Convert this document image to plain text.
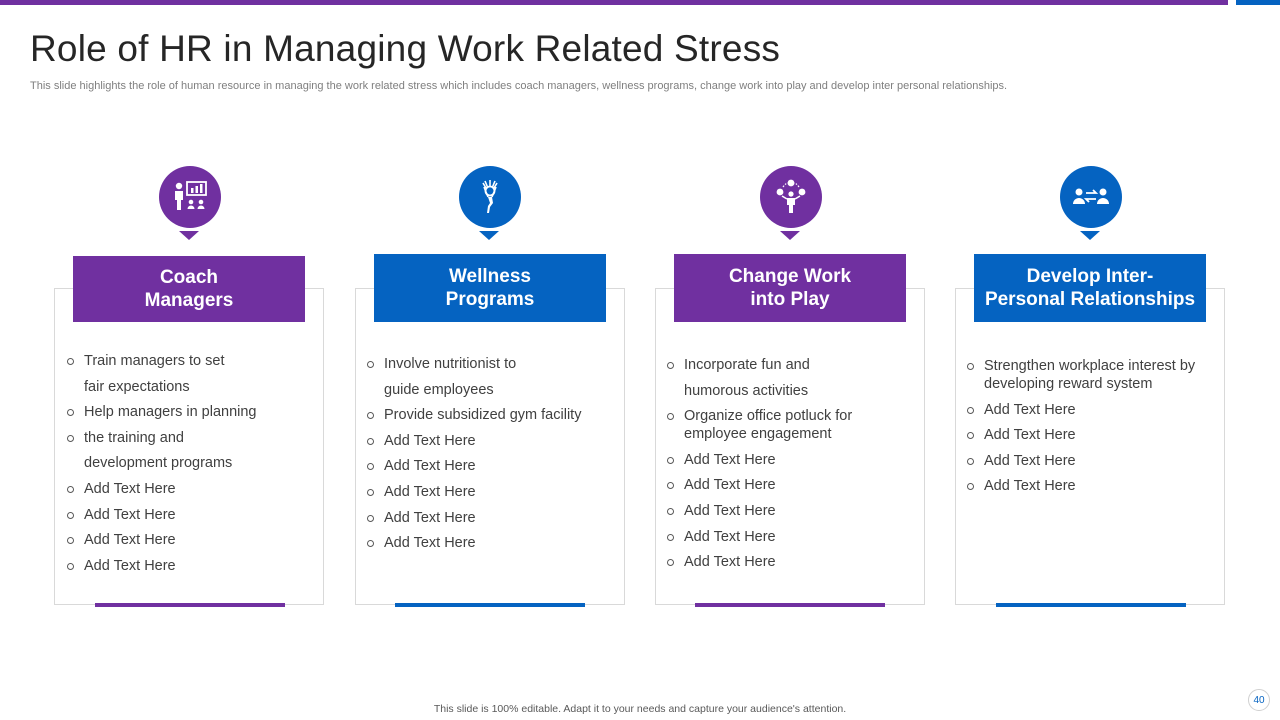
Role of HR in Managing Work Related Stress

This slide highlights the role of human resource in managing the work related stress which includes coach managers, wellness programs, change work into play and develop inter personal relationships.

Coach
Managers
Train managers to set
fair expectations
Help managers in planning
the training and
development programs
Add Text Here
Add Text Here
Add Text Here
Add Text Here
Wellness
Programs
Involve nutritionist to
guide employees
Provide subsidized gym facility
Add Text Here
Add Text Here
Add Text Here
Add Text Here
Add Text Here
Change Work
into Play
Incorporate fun and
humorous activities
Organize office potluck for employee engagement
Add Text Here
Add Text Here
Add Text Here
Add Text Here
Add Text Here
Develop Inter-
Personal Relationships
Strengthen workplace interest by developing reward system
Add Text Here
Add Text Here
Add Text Here
Add Text Here
This slide is 100% editable. Adapt it to your needs and capture your audience's attention.
40
